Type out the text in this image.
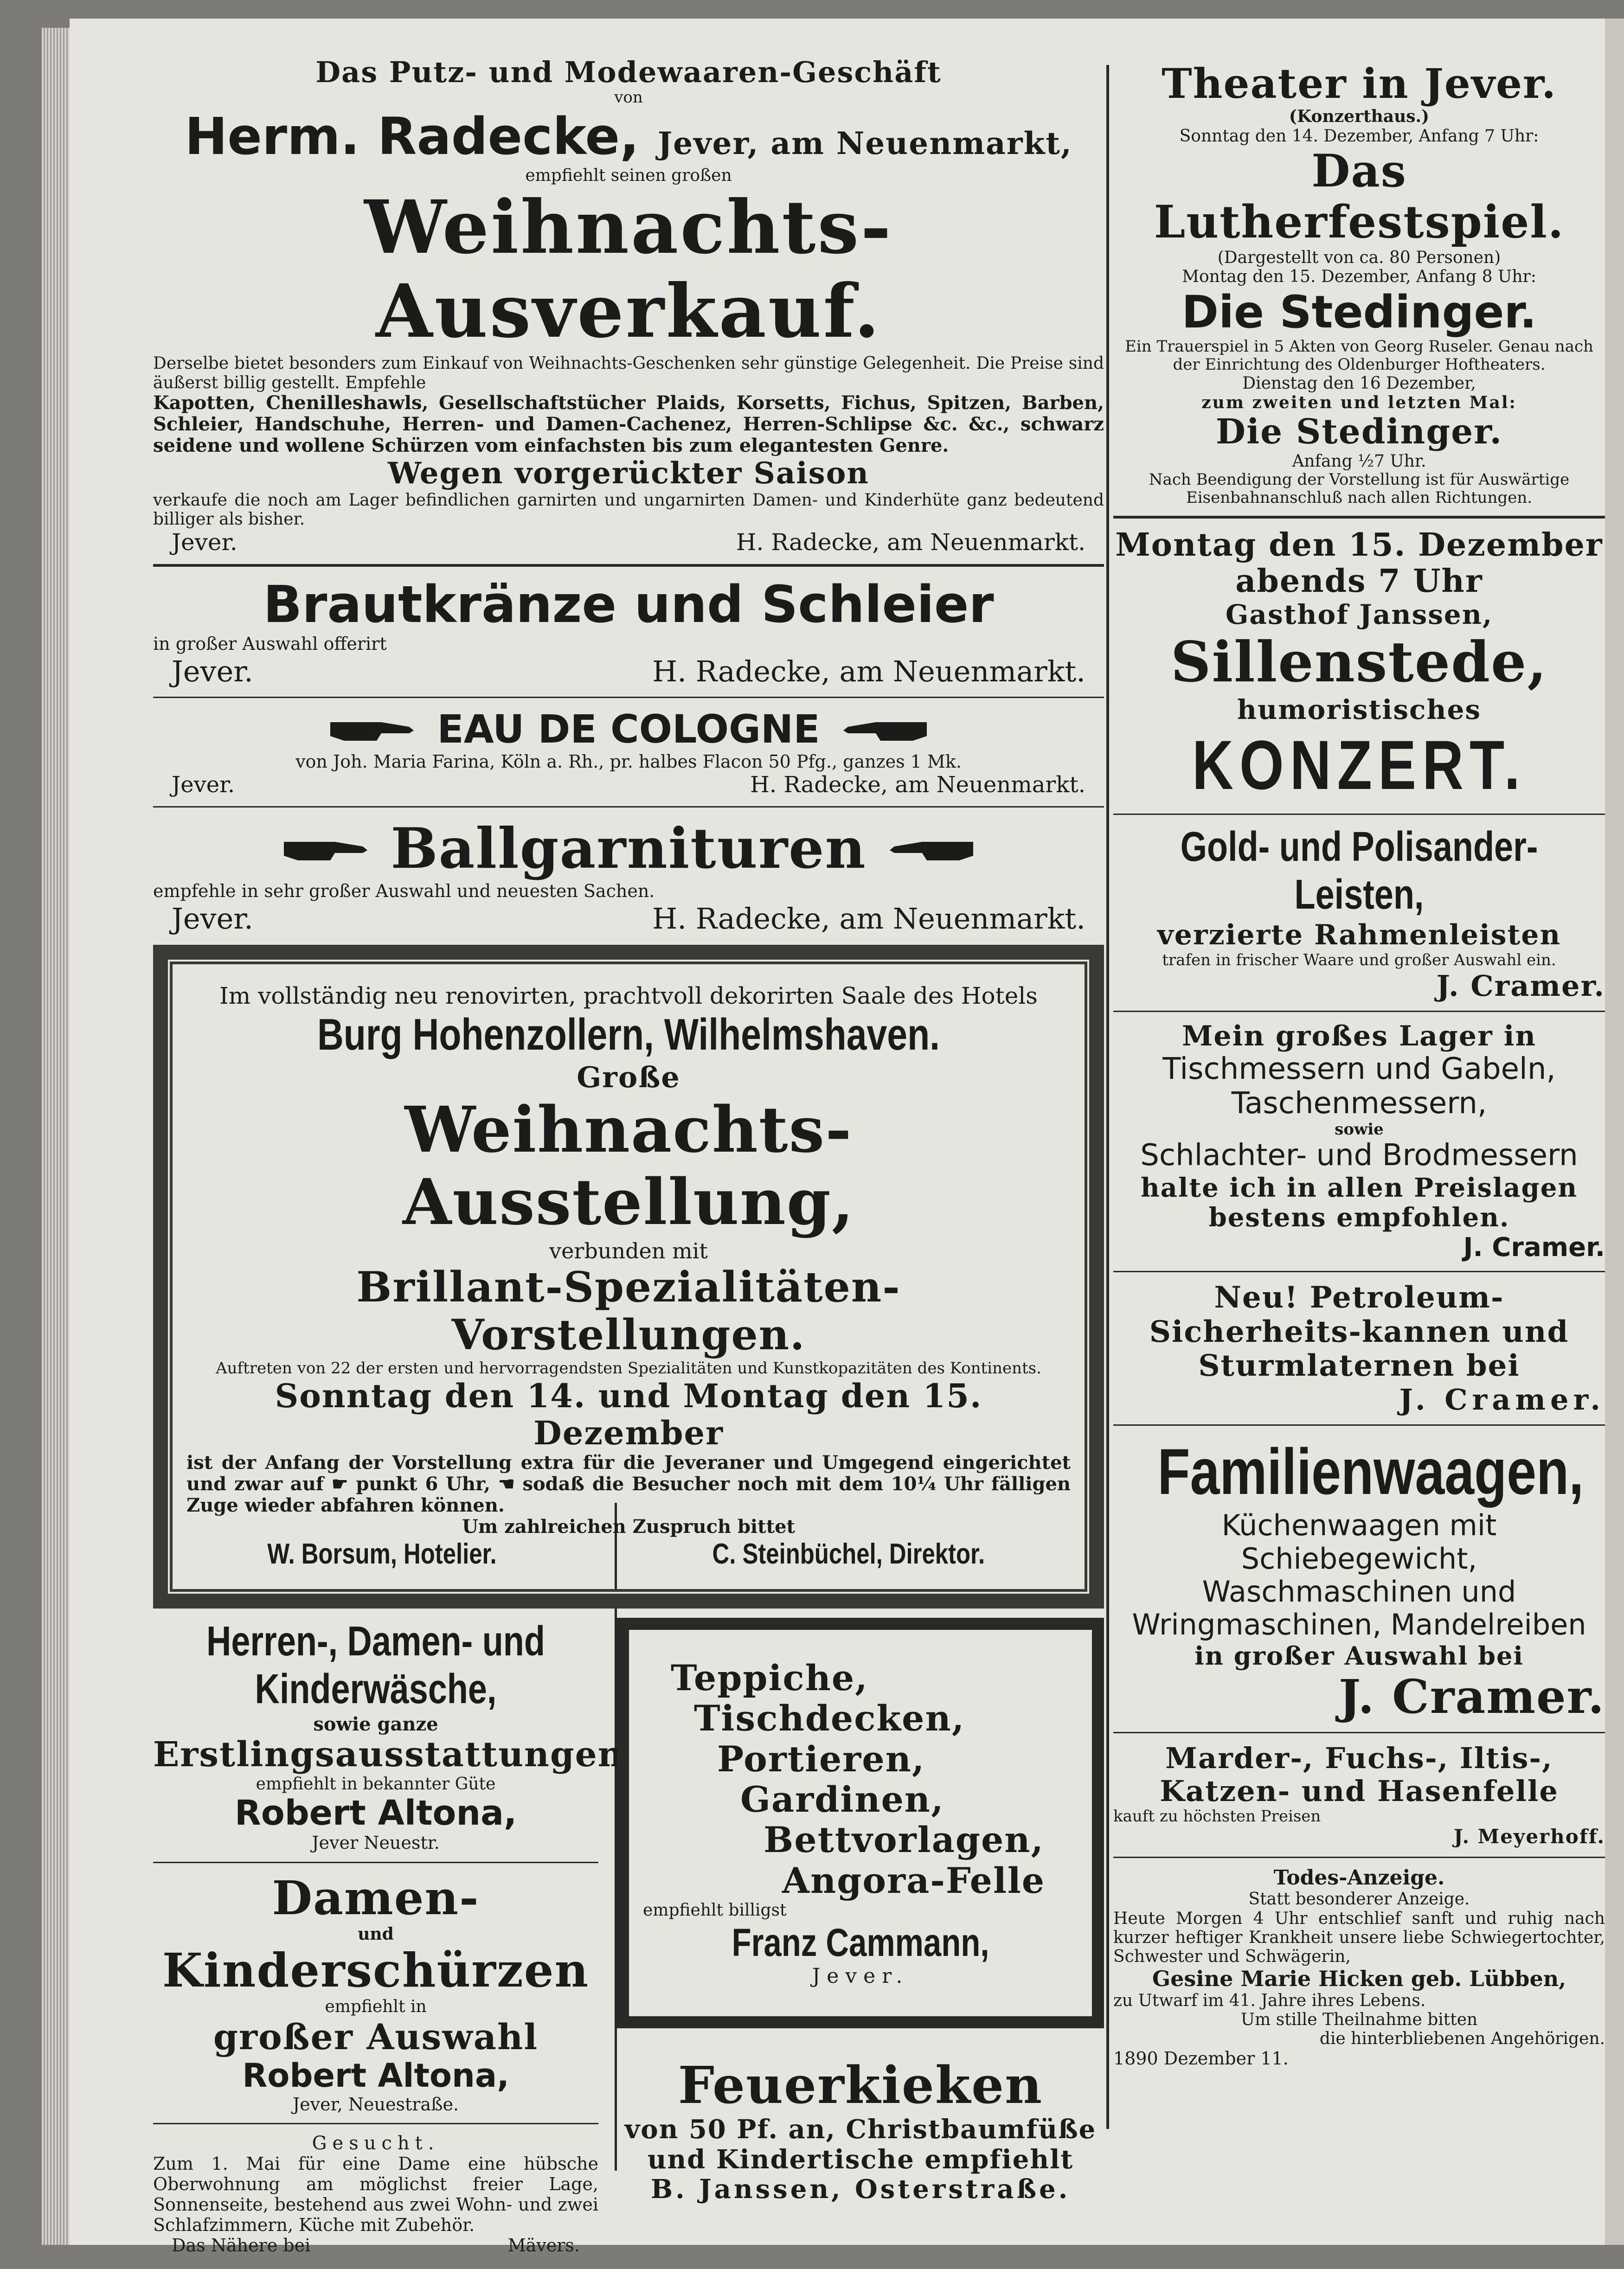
Das Putz- und Modewaaren-Geschäft

von

Herm. Radecke, Jever, am Neuenmarkt,

empfiehlt seinen großen

Weihnachts-Ausverkauf.

Derselbe bietet besonders zum Einkauf von Weihnachts-Geschenken sehr günstige Gelegenheit. Die Preise sind äußerst billig gestellt. Empfehle

Kapotten, Chenilleshawls, Gesellschaftstücher Plaids, Korsetts, Fichus, Spitzen, Barben, Schleier, Handschuhe, Herren- und Damen-Cachenez, Herren-Schlipse &c. &c., schwarz seidene und wollene Schürzen vom einfachsten bis zum elegantesten Genre.

Wegen vorgerückter Saison

verkaufe die noch am Lager befindlichen garnirten und ungarnirten Damen- und Kinderhüte ganz bedeutend billiger als bisher.

Jever.	H. Radecke, am Neuenmarkt.

Brautkränze und Schleier

in großer Auswahl offerirt

Jever.	H. Radecke, am Neuenmarkt.
EAU DE COLOGNE

von Joh. Maria Farina, Köln a. Rh., pr. halbes Flacon 50 Pfg., ganzes 1 Mk.

Jever.	H. Radecke, am Neuenmarkt.
Ballgarnituren

empfehle in sehr großer Auswahl und neuesten Sachen.

Jever.	H. Radecke, am Neuenmarkt.

Im vollständig neu renovirten, prachtvoll dekorirten Saale des Hotels

Burg Hohenzollern, Wilhelmshaven.

Große

Weihnachts-Ausstellung,

verbunden mit

Brillant-Spezialitäten-Vorstellungen.

Auftreten von 22 der ersten und hervorragendsten Spezialitäten und Kunstkopazitäten des Kontinents.

Sonntag den 14. und Montag den 15. Dezember

ist der Anfang der Vorstellung extra für die Jeveraner und Umgegend eingerichtet und zwar auf ☛ punkt 6 Uhr, ☚ sodaß die Besucher noch mit dem 10¼ Uhr fälligen Zuge wieder abfahren können.

Um zahlreichen Zuspruch bittet

W. Borsum, Hotelier.	C. Steinbüchel, Direktor.

Herren-, Damen- und

Kinderwäsche,

sowie ganze

Erstlingsausstattungen

empfiehlt in bekannter Güte

Robert Altona,

Jever Neuestr.

Damen-

und

Kinderschürzen

empfiehlt in

großer Auswahl

Robert Altona,

Jever, Neuestraße.

Gesucht.

Zum 1. Mai für eine Dame eine hübsche Oberwohnung am möglichst freier Lage, Sonnenseite, bestehend aus zwei Wohn- und zwei Schlafzimmern, Küche mit Zubehör.

Das Nähere bei	Mävers.

Teppiche,

Tischdecken,

Portieren,

Gardinen,

Bettvorlagen,

Angora-Felle

empfiehlt billigst

Franz Cammann,

Jever.

Feuerkieken

von 50 Pf. an, Christbaumfüße und Kindertische empfiehlt

B. Janssen, Osterstraße.

Theater in Jever.

(Konzerthaus.)

Sonntag den 14. Dezember, Anfang 7 Uhr:

Das Lutherfestspiel.

(Dargestellt von ca. 80 Personen)

Montag den 15. Dezember, Anfang 8 Uhr:

Die Stedinger.

Ein Trauerspiel in 5 Akten von Georg Ruseler. Genau nach der Einrichtung des Oldenburger Hoftheaters.

Dienstag den 16 Dezember,

zum zweiten und letzten Mal:

Die Stedinger.

Anfang ½7 Uhr.

Nach Beendigung der Vorstellung ist für Auswärtige Eisenbahnanschluß nach allen Richtungen.

Montag den 15. Dezember

abends 7 Uhr

Gasthof Janssen,

Sillenstede,

humoristisches

KONZERT.

Gold- und Polisander-

Leisten,

verzierte Rahmenleisten

trafen in frischer Waare und großer Auswahl ein.

J. Cramer.

Mein großes Lager in

Tischmessern und Gabeln,

Taschenmessern,

sowie

Schlachter- und Brodmessern

halte ich in allen Preislagen bestens empfohlen.

J. Cramer.

Neu! Petroleum-Sicherheits-kannen und Sturmlaternen bei

J. Cramer.

Familienwaagen,

Küchenwaagen mit Schiebegewicht, Waschmaschinen und Wringmaschinen, Mandelreiben

in großer Auswahl bei

J. Cramer.

Marder-, Fuchs-, Iltis-, Katzen- und Hasenfelle

kauft zu höchsten Preisen

J. Meyerhoff.

Todes-Anzeige.

Statt besonderer Anzeige.

Heute Morgen 4 Uhr entschlief sanft und ruhig nach kurzer heftiger Krankheit unsere liebe Schwiegertochter, Schwester und Schwägerin,

Gesine Marie Hicken geb. Lübben,

zu Utwarf im 41. Jahre ihres Lebens.

Um stille Theilnahme bitten

die hinterbliebenen Angehörigen.

1890 Dezember 11.
